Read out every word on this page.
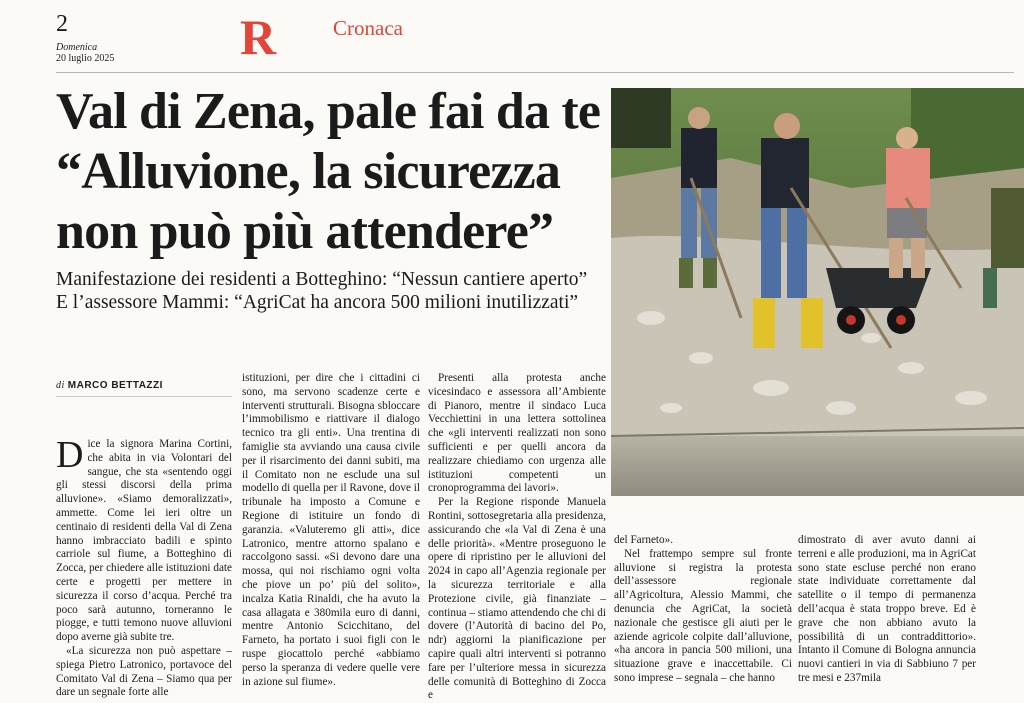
2
Domenica
20 luglio 2025	R	Cronaca
Val di Zena, pale fai da te
“Alluvione, la sicurezza
non può più attendere”
Manifestazione dei residenti a Botteghino: “Nessun cantiere aperto”
E l’assessore Mammi: “AgriCat ha ancora 500 milioni inutilizzati”
di MARCO BETTAZZI

Dice la signora Marina Cortini, che abita in via Volontari del sangue, che sta «sentendo oggi gli stessi discorsi della prima alluvione». «Siamo demoralizzati», ammette. Come lei ieri oltre un centinaio di residenti della Val di Zena hanno imbracciato badili e spinto carriole sul fiume, a Botteghino di Zocca, per chiedere alle istituzioni date certe e progetti per mettere in sicurezza il corso d’acqua. Perché tra poco sarà autunno, torneranno le piogge, e tutti temono nuove alluvioni dopo averne già subite tre.

«La sicurezza non può aspettare – spiega Pietro Latronico, portavoce del Comitato Val di Zena – Siamo qua per dare un segnale forte alle

istituzioni, per dire che i cittadini ci sono, ma servono scadenze certe e interventi strutturali. Bisogna sbloccare l’immobilismo e riattivare il dialogo tecnico tra gli enti». Una trentina di famiglie sta avviando una causa civile per il risarcimento dei danni subiti, ma il Comitato non ne esclude una sul modello di quella per il Ravone, dove il tribunale ha imposto a Comune e Regione di istituire un fondo di garanzia. «Valuteremo gli atti», dice Latronico, mentre attorno spalano e raccolgono sassi. «Si devono dare una mossa, qui noi rischiamo ogni volta che piove un po’ più del solito», incalza Katia Rinaldi, che ha avuto la casa allagata e 380mila euro di danni, mentre Antonio Scicchitano, del Farneto, ha portato i suoi figli con le ruspe giocattolo perché «abbiamo perso la speranza di vedere quelle vere in azione sul fiume».

Presenti alla protesta anche vicesindaco e assessora all’Ambiente di Pianoro, mentre il sindaco Luca Vecchiettini in una lettera sottolinea che «gli interventi realizzati non sono sufficienti e per quelli ancora da realizzare chiediamo con urgenza alle istituzioni competenti un cronoprogramma dei lavori».

Per la Regione risponde Manuela Rontini, sottosegretaria alla presidenza, assicurando che «la Val di Zena è una delle priorità». «Mentre proseguono le opere di ripristino per le alluvioni del 2024 in capo all’Agenzia regionale per la sicurezza territoriale e alla Protezione civile, già finanziate – continua – stiamo attendendo che chi di dovere (l’Autorità di bacino del Po, ndr) aggiorni la pianificazione per capire quali altri interventi si potranno fare per l’ulteriore messa in sicurezza delle comunità di Botteghino di Zocca e

del Farneto».

Nel frattempo sempre sul fronte alluvione si registra la protesta dell’assessore regionale all’Agricoltura, Alessio Mammi, che denuncia che AgriCat, la società nazionale che gestisce gli aiuti per le aziende agricole colpite dall’alluvione, «ha ancora in pancia 500 milioni, una situazione grave e inaccettabile. Ci sono imprese – segnala – che hanno

dimostrato di aver avuto danni ai terreni e alle produzioni, ma in AgriCat sono state escluse perché non erano state individuate correttamente dal satellite o il tempo di permanenza dell’acqua è stata troppo breve. Ed è grave che non abbiano avuto la possibilità di un contraddittorio». Intanto il Comune di Bologna annuncia nuovi cantieri in via di Sabbiuno 7 per tre mesi e 237mila
